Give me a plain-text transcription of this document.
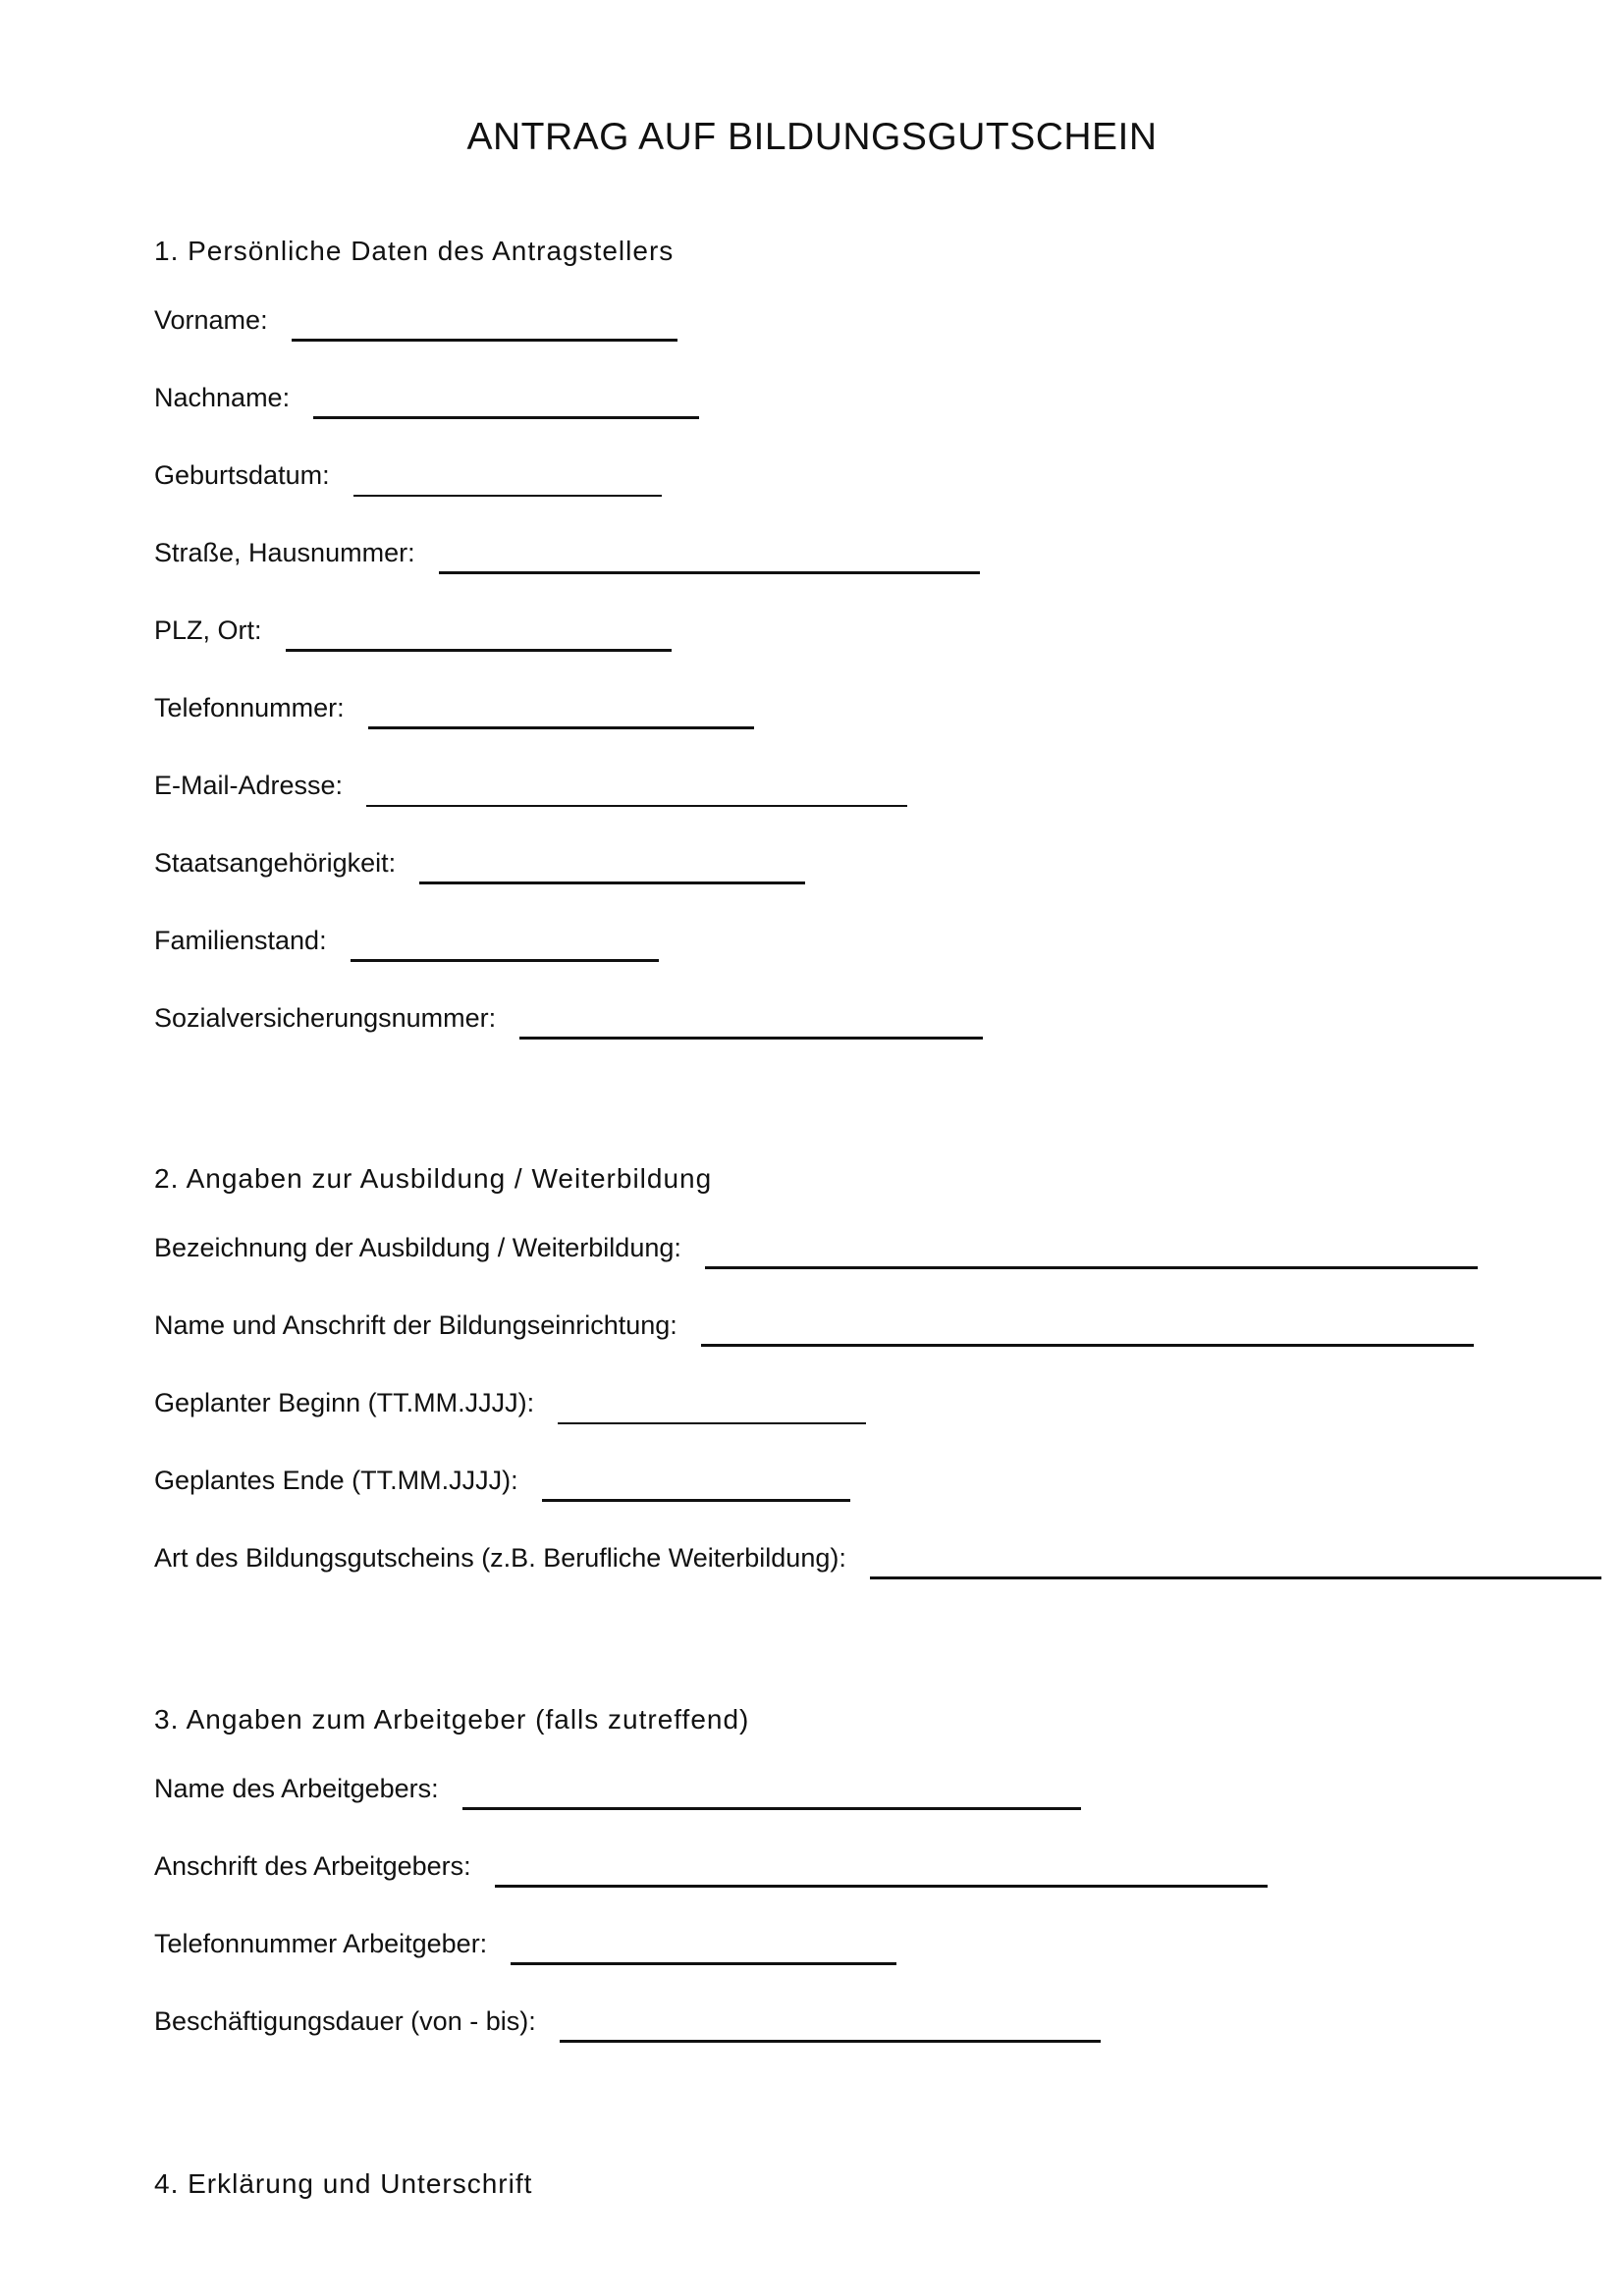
ANTRAG AUF BILDUNGSGUTSCHEIN
1. Persönliche Daten des Antragstellers
Vorname:
Nachname:
Geburtsdatum:
Straße, Hausnummer:
PLZ, Ort:
Telefonnummer:
E-Mail-Adresse:
Staatsangehörigkeit:
Familienstand:
Sozialversicherungsnummer:
2. Angaben zur Ausbildung / Weiterbildung
Bezeichnung der Ausbildung / Weiterbildung:
Name und Anschrift der Bildungseinrichtung:
Geplanter Beginn (TT.MM.JJJJ):
Geplantes Ende (TT.MM.JJJJ):
Art des Bildungsgutscheins (z.B. Berufliche Weiterbildung):
3. Angaben zum Arbeitgeber (falls zutreffend)
Name des Arbeitgebers:
Anschrift des Arbeitgebers:
Telefonnummer Arbeitgeber:
Beschäftigungsdauer (von - bis):
4. Erklärung und Unterschrift
